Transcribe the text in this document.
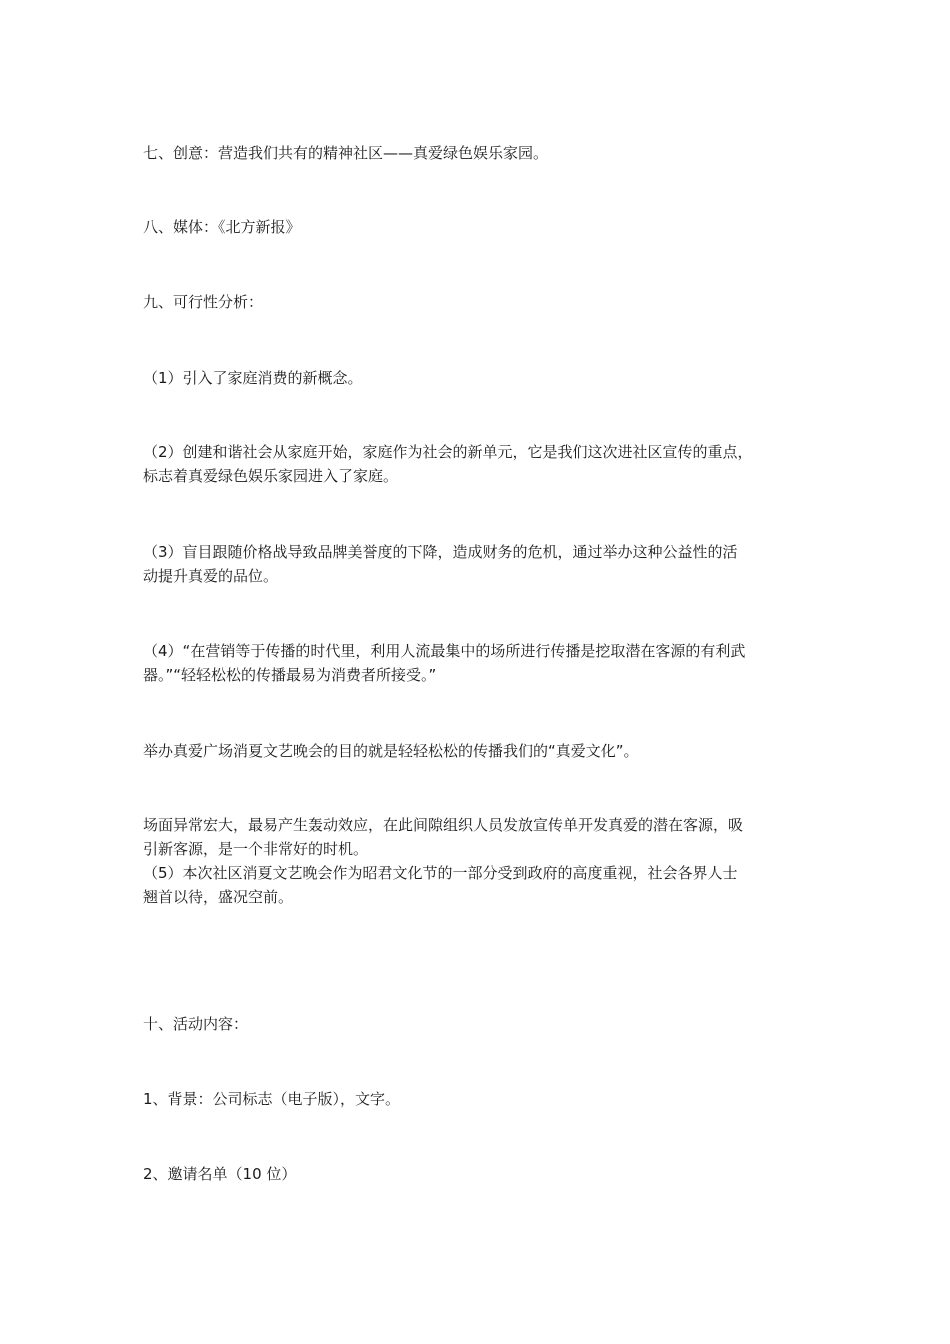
七、创意：营造我们共有的精神社区——真爱绿色娱乐家园。

八、媒体：《北方新报》

九、可行性分析：

（1）引入了家庭消费的新概念。

（2）创建和谐社会从家庭开始，家庭作为社会的新单元，它是我们这次进社区宣传的重点，
标志着真爱绿色娱乐家园进入了家庭。

（3）盲目跟随价格战导致品牌美誉度的下降，造成财务的危机，通过举办这种公益性的活
动提升真爱的品位。

（4）“在营销等于传播的时代里，利用人流最集中的场所进行传播是挖取潜在客源的有利武
器。”“轻轻松松的传播最易为消费者所接受。”

举办真爱广场消夏文艺晚会的目的就是轻轻松松的传播我们的“真爱文化”。

场面异常宏大，最易产生轰动效应，在此间隙组织人员发放宣传单开发真爱的潜在客源，吸
引新客源，是一个非常好的时机。
（5）本次社区消夏文艺晚会作为昭君文化节的一部分受到政府的高度重视，社会各界人士
翘首以待，盛况空前。

十、活动内容：

1、背景：公司标志（电子版），文字。

2、邀请名单（10 位）
